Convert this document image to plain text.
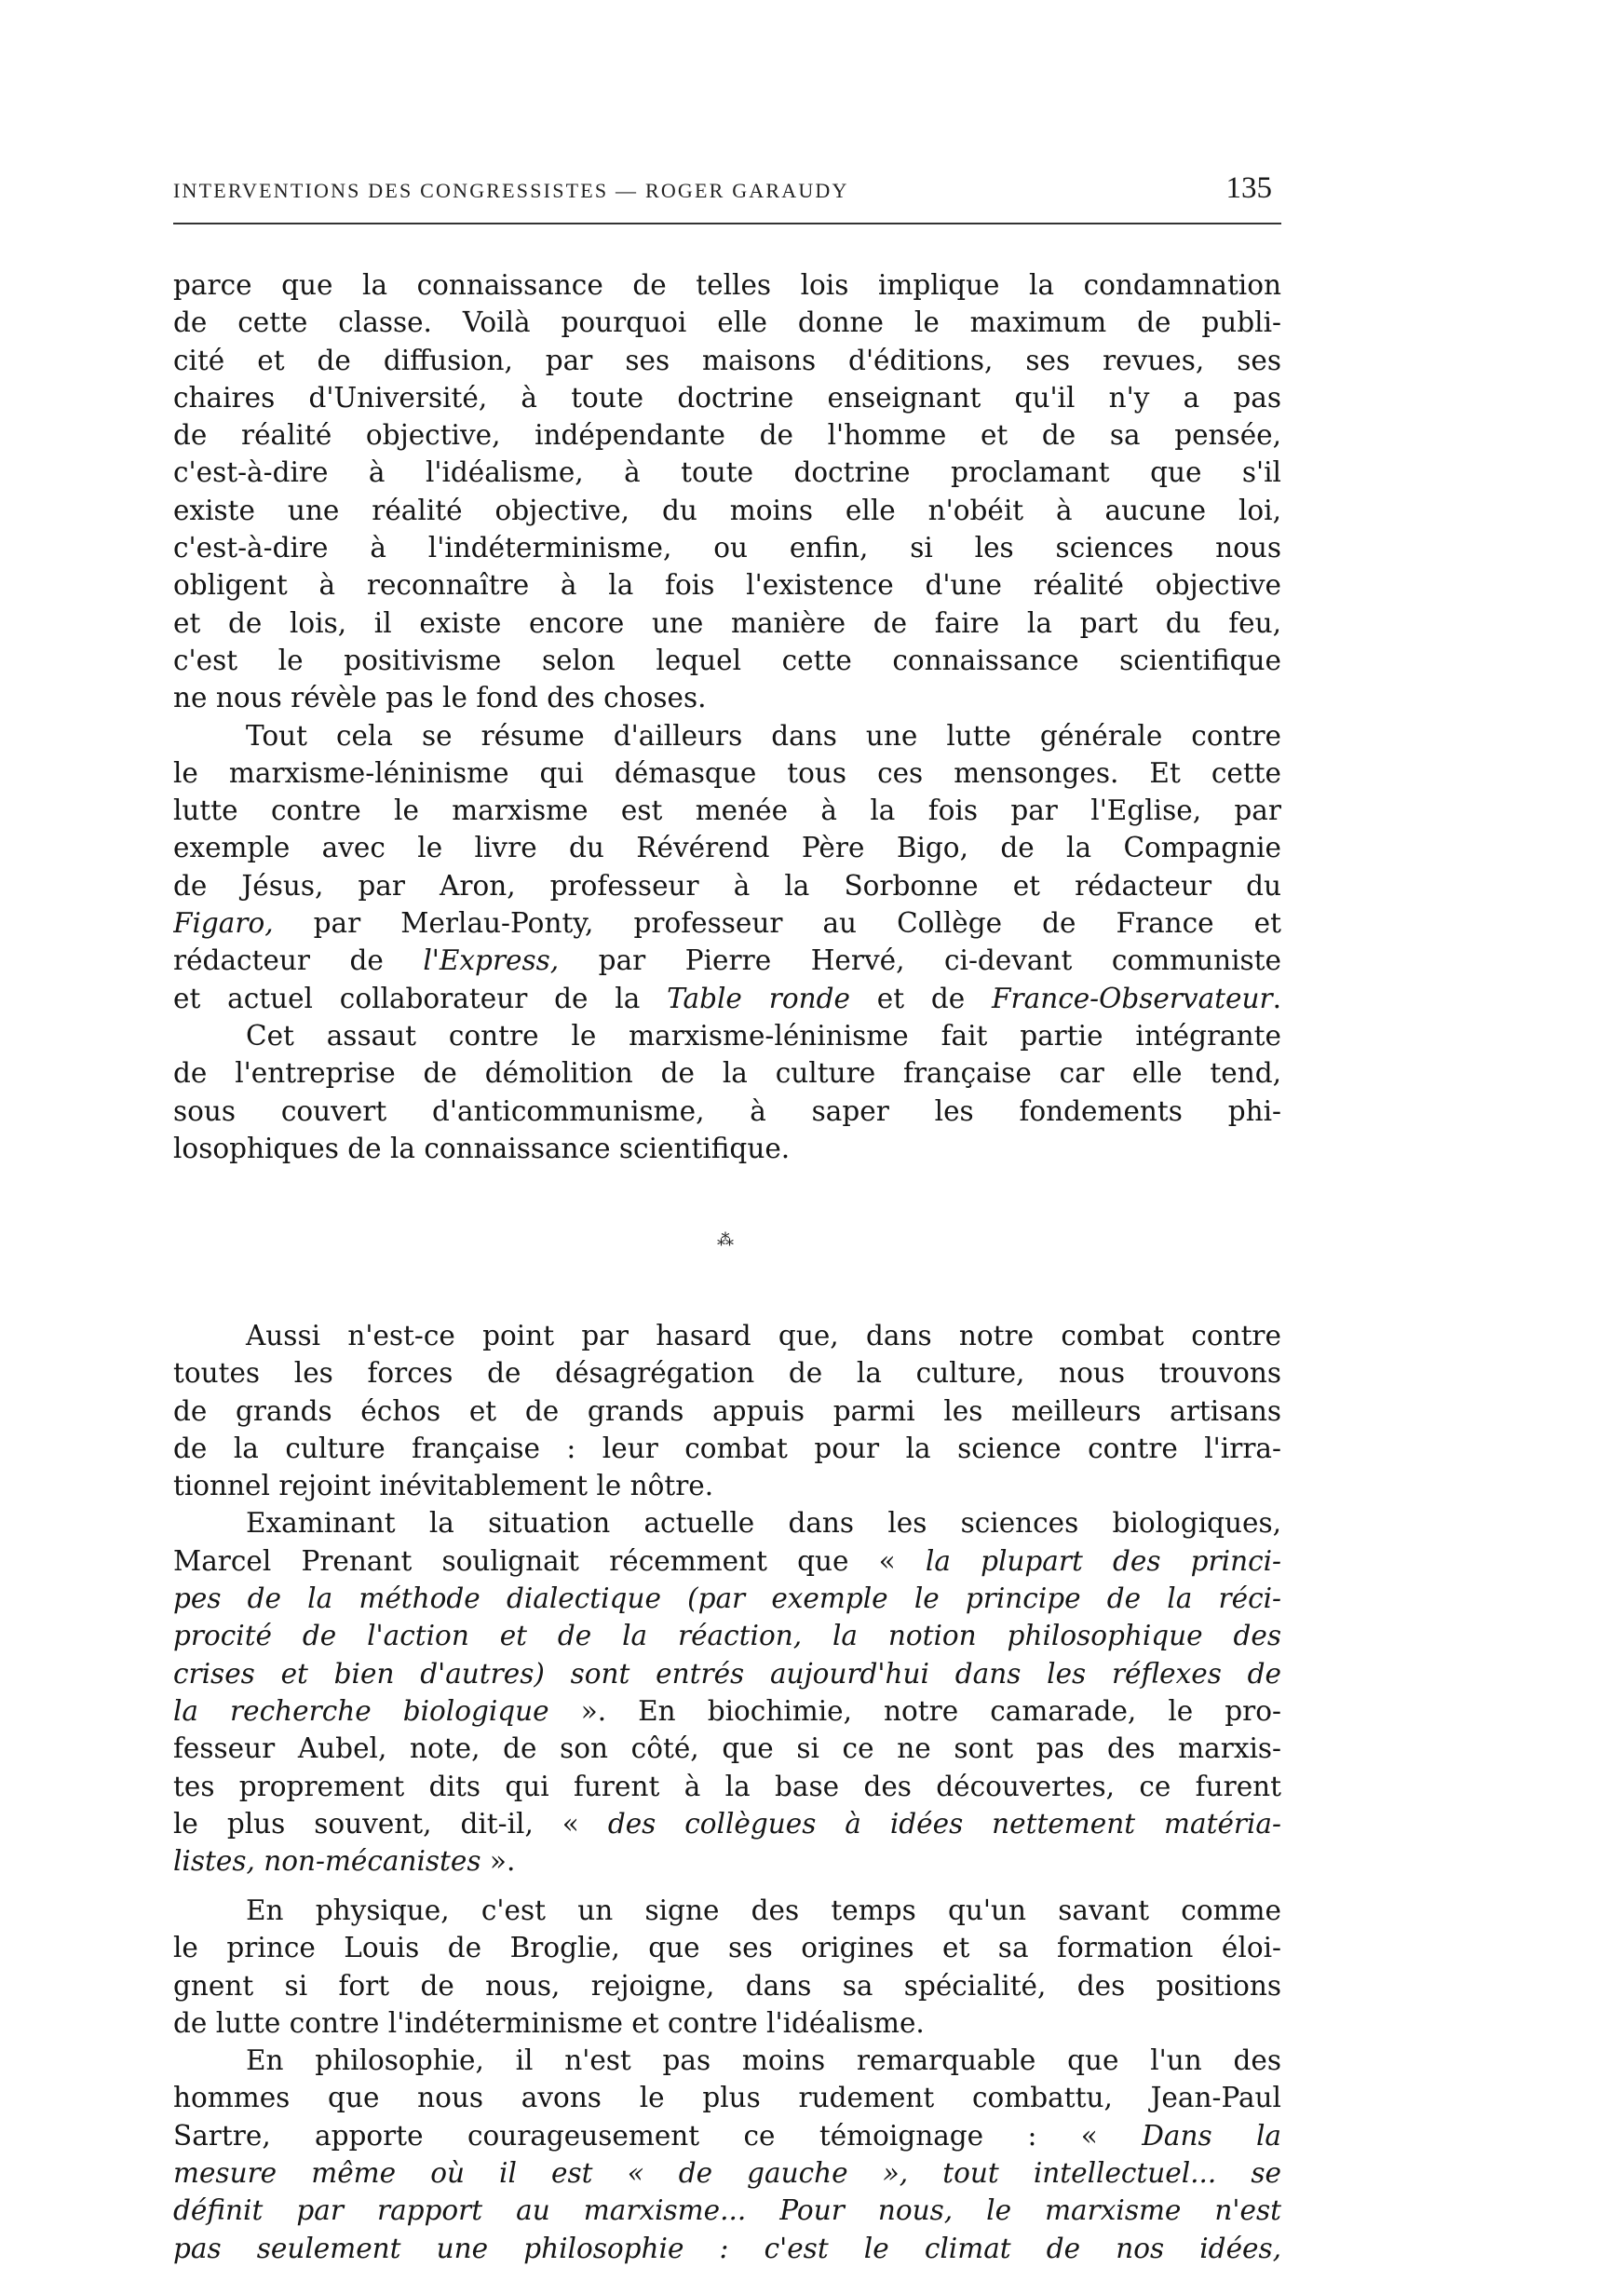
INTERVENTIONS DES CONGRESSISTES — ROGER GARAUDY	135
parce que la connaissance de telles lois implique la condamnation
de cette classe. Voilà pourquoi elle donne le maximum de publi-
cité et de diffusion, par ses maisons d'éditions, ses revues, ses
chaires d'Université, à toute doctrine enseignant qu'il n'y a pas
de réalité objective, indépendante de l'homme et de sa pensée,
c'est-à-dire à l'idéalisme, à toute doctrine proclamant que s'il
existe une réalité objective, du moins elle n'obéit à aucune loi,
c'est-à-dire à l'indéterminisme, ou enfin, si les sciences nous
obligent à reconnaître à la fois l'existence d'une réalité objective
et de lois, il existe encore une manière de faire la part du feu,
c'est le positivisme selon lequel cette connaissance scientifique
ne nous révèle pas le fond des choses.
Tout cela se résume d'ailleurs dans une lutte générale contre
le marxisme-léninisme qui démasque tous ces mensonges. Et cette
lutte contre le marxisme est menée à la fois par l'Eglise, par
exemple avec le livre du Révérend Père Bigo, de la Compagnie
de Jésus, par Aron, professeur à la Sorbonne et rédacteur du
Figaro, par Merlau-Ponty, professeur au Collège de France et
rédacteur de l'Express, par Pierre Hervé, ci-devant communiste
et actuel collaborateur de la Table ronde et de France-Observateur.
Cet assaut contre le marxisme-léninisme fait partie intégrante
de l'entreprise de démolition de la culture française car elle tend,
sous couvert d'anticommunisme, à saper les fondements phi-
losophiques de la connaissance scientifique.
⁂
Aussi n'est-ce point par hasard que, dans notre combat contre
toutes les forces de désagrégation de la culture, nous trouvons
de grands échos et de grands appuis parmi les meilleurs artisans
de la culture française : leur combat pour la science contre l'irra-
tionnel rejoint inévitablement le nôtre.
Examinant la situation actuelle dans les sciences biologiques,
Marcel Prenant soulignait récemment que « la plupart des princi-
pes de la méthode dialectique (par exemple le principe de la réci-
procité de l'action et de la réaction, la notion philosophique des
crises et bien d'autres) sont entrés aujourd'hui dans les réflexes de
la recherche biologique ». En biochimie, notre camarade, le pro-
fesseur Aubel, note, de son côté, que si ce ne sont pas des marxis-
tes proprement dits qui furent à la base des découvertes, ce furent
le plus souvent, dit-il, « des collègues à idées nettement matéria-
listes, non-mécanistes ».
En physique, c'est un signe des temps qu'un savant comme
le prince Louis de Broglie, que ses origines et sa formation éloi-
gnent si fort de nous, rejoigne, dans sa spécialité, des positions
de lutte contre l'indéterminisme et contre l'idéalisme.
En philosophie, il n'est pas moins remarquable que l'un des
hommes que nous avons le plus rudement combattu, Jean-Paul
Sartre, apporte courageusement ce témoignage : « Dans la
mesure même où il est « de gauche », tout intellectuel... se
définit par rapport au marxisme... Pour nous, le marxisme n'est
pas seulement une philosophie : c'est le climat de nos idées,
